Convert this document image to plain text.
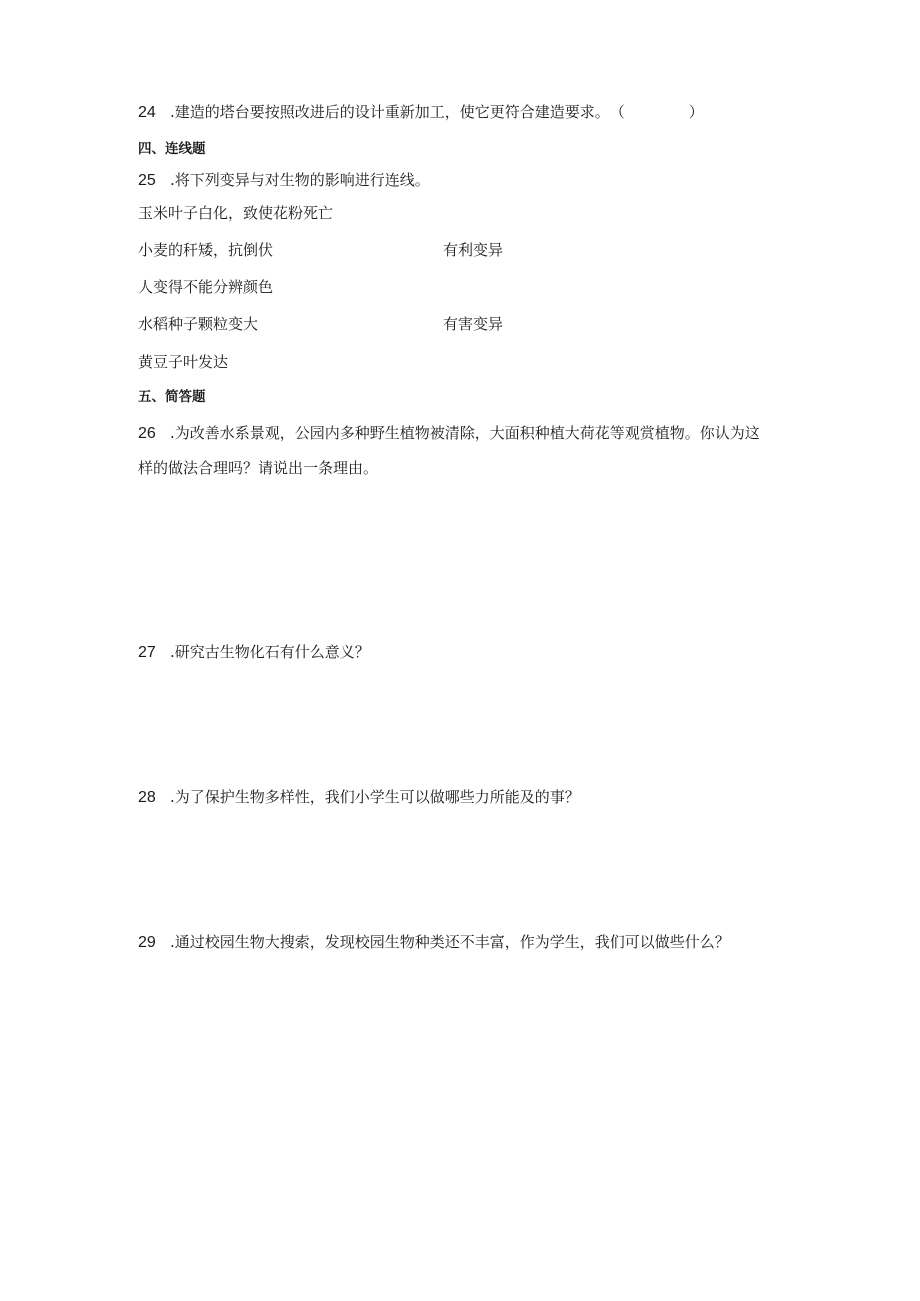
24 .建造的塔台要按照改进后的设计重新加工，使它更符合建造要求。（	）
四、连线题
25 .将下列变异与对生物的影响进行连线。
玉米叶子白化，致使花粉死亡
小麦的秆矮，抗倒伏
人变得不能分辨颜色
水稻种子颗粒变大
黄豆子叶发达
有利变异
有害变异
五、简答题
26 .为改善水系景观，公园内多种野生植物被清除，大面积种植大荷花等观赏植物。你认为这
样的做法合理吗？请说出一条理由。
27 .研究古生物化石有什么意义？
28 .为了保护生物多样性，我们小学生可以做哪些力所能及的事？
29 .通过校园生物大搜索，发现校园生物种类还不丰富，作为学生，我们可以做些什么？
